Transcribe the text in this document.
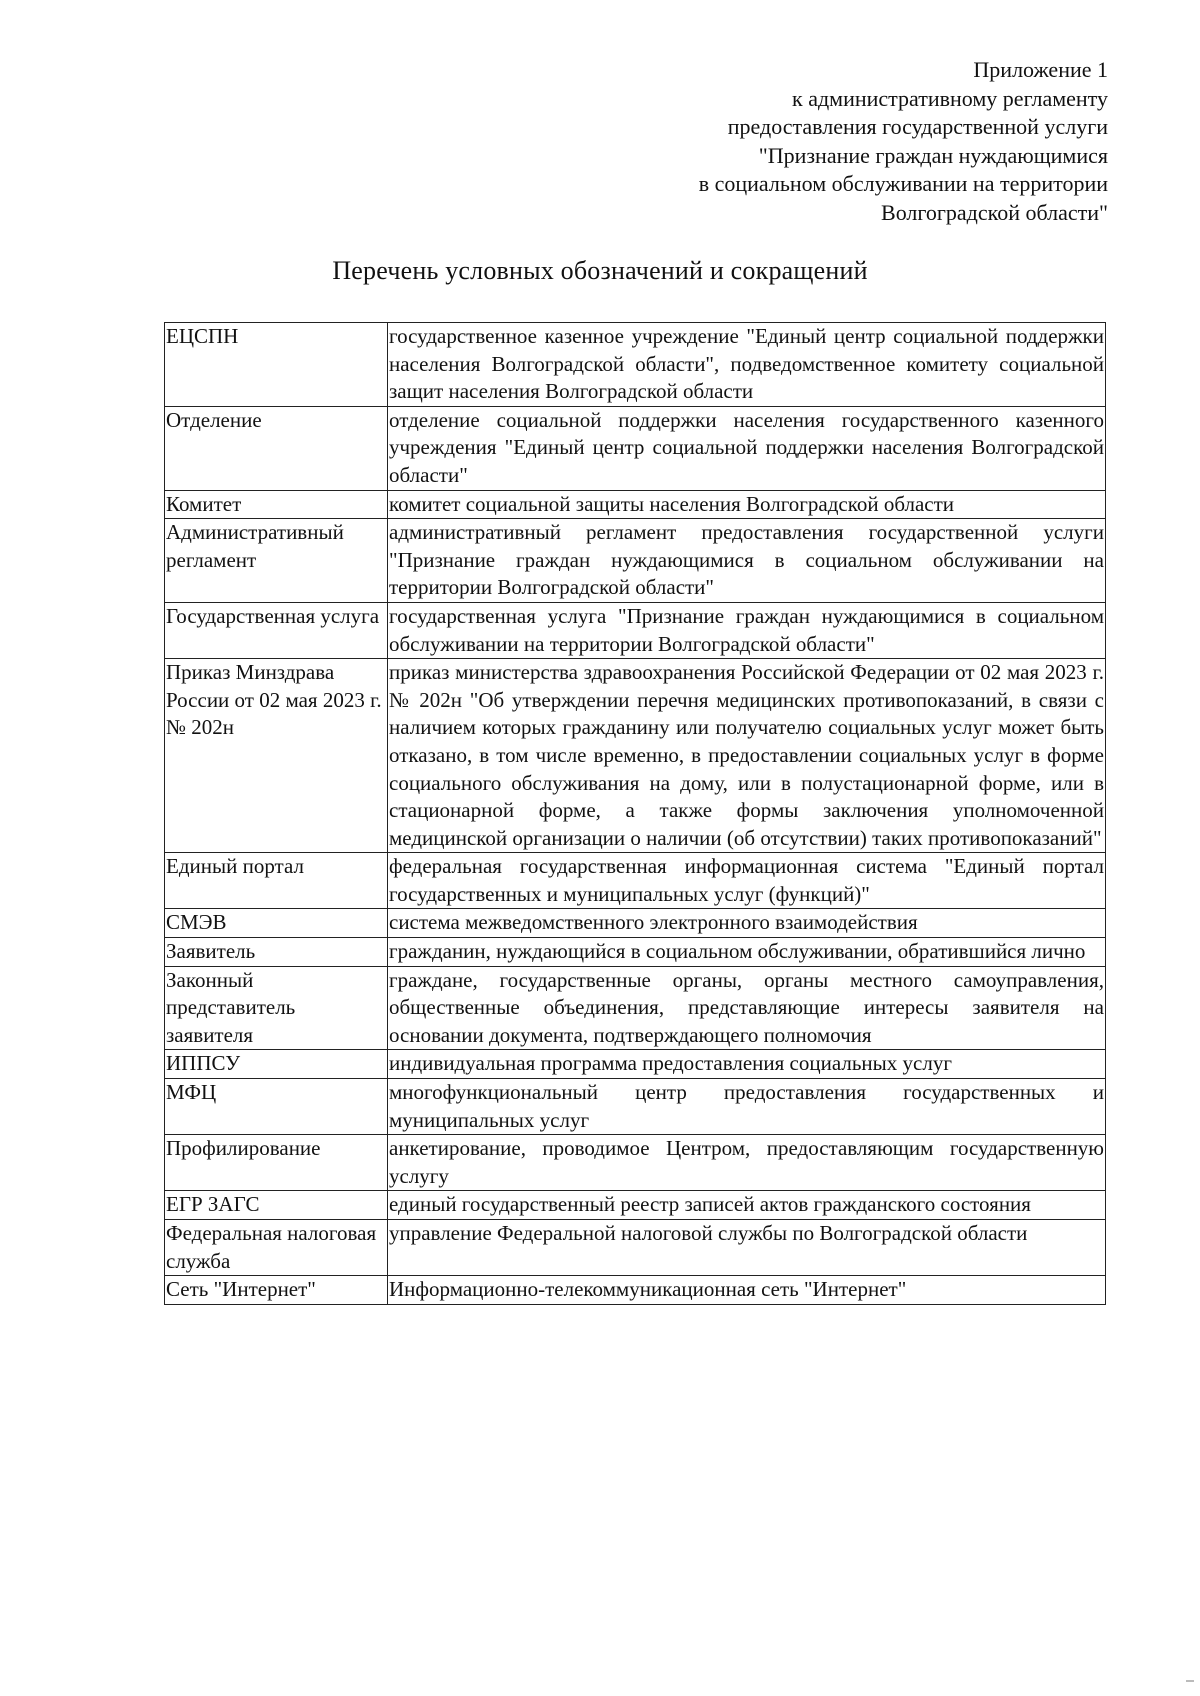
Приложение 1
к административному регламенту
предоставления государственной услуги
"Признание граждан нуждающимися
в социальном обслуживании на территории
Волгоградской области"
Перечень условных обозначений и сокращений
ЕЦСПН	государственное казенное учреждение "Единый центр социальной поддержки населения Волгоградской области", подведомственное комитету социальной защит населения Волгоградской области
Отделение	отделение социальной поддержки населения государственного казенного учреждения "Единый центр социальной поддержки населения Волгоградской области"
Комитет	комитет социальной защиты населения Волгоградской области
Административный регламент	административный регламент предоставления государственной услуги "Признание граждан нуждающимися в социальном обслуживании на территории Волгоградской области"
Государственная услуга	государственная услуга "Признание граждан нуждающимися в социальном обслуживании на территории Волгоградской области"
Приказ Минздрава России от 02 мая 2023 г. № 202н	приказ министерства здравоохранения Российской Федерации от 02 мая 2023 г. № 202н "Об утверждении перечня медицинских противопоказаний, в связи с наличием которых гражданину или получателю социальных услуг может быть отказано, в том числе временно, в предоставлении социальных услуг в форме социального обслуживания на дому, или в полустационарной форме, или в стационарной форме, а также формы заключения уполномоченной медицинской организации о наличии (об отсутствии) таких противопоказаний"
Единый портал	федеральная государственная информационная система "Единый портал государственных и муниципальных услуг (функций)"
СМЭВ	система межведомственного электронного взаимодействия
Заявитель	гражданин, нуждающийся в социальном обслуживании, обратившийся лично
Законный представитель заявителя	граждане, государственные органы, органы местного самоуправления, общественные объединения, представляющие интересы заявителя на основании документа, подтверждающего полномочия
ИППСУ	индивидуальная программа предоставления социальных услуг
МФЦ	многофункциональный центр предоставления государственных и муниципальных услуг
Профилирование	анкетирование, проводимое Центром, предоставляющим государственную услугу
ЕГР ЗАГС	единый государственный реестр записей актов гражданского состояния
Федеральная налоговая служба	управление Федеральной налоговой службы по Волгоградской области
Сеть "Интернет"	Информационно-телекоммуникационная сеть "Интернет"
